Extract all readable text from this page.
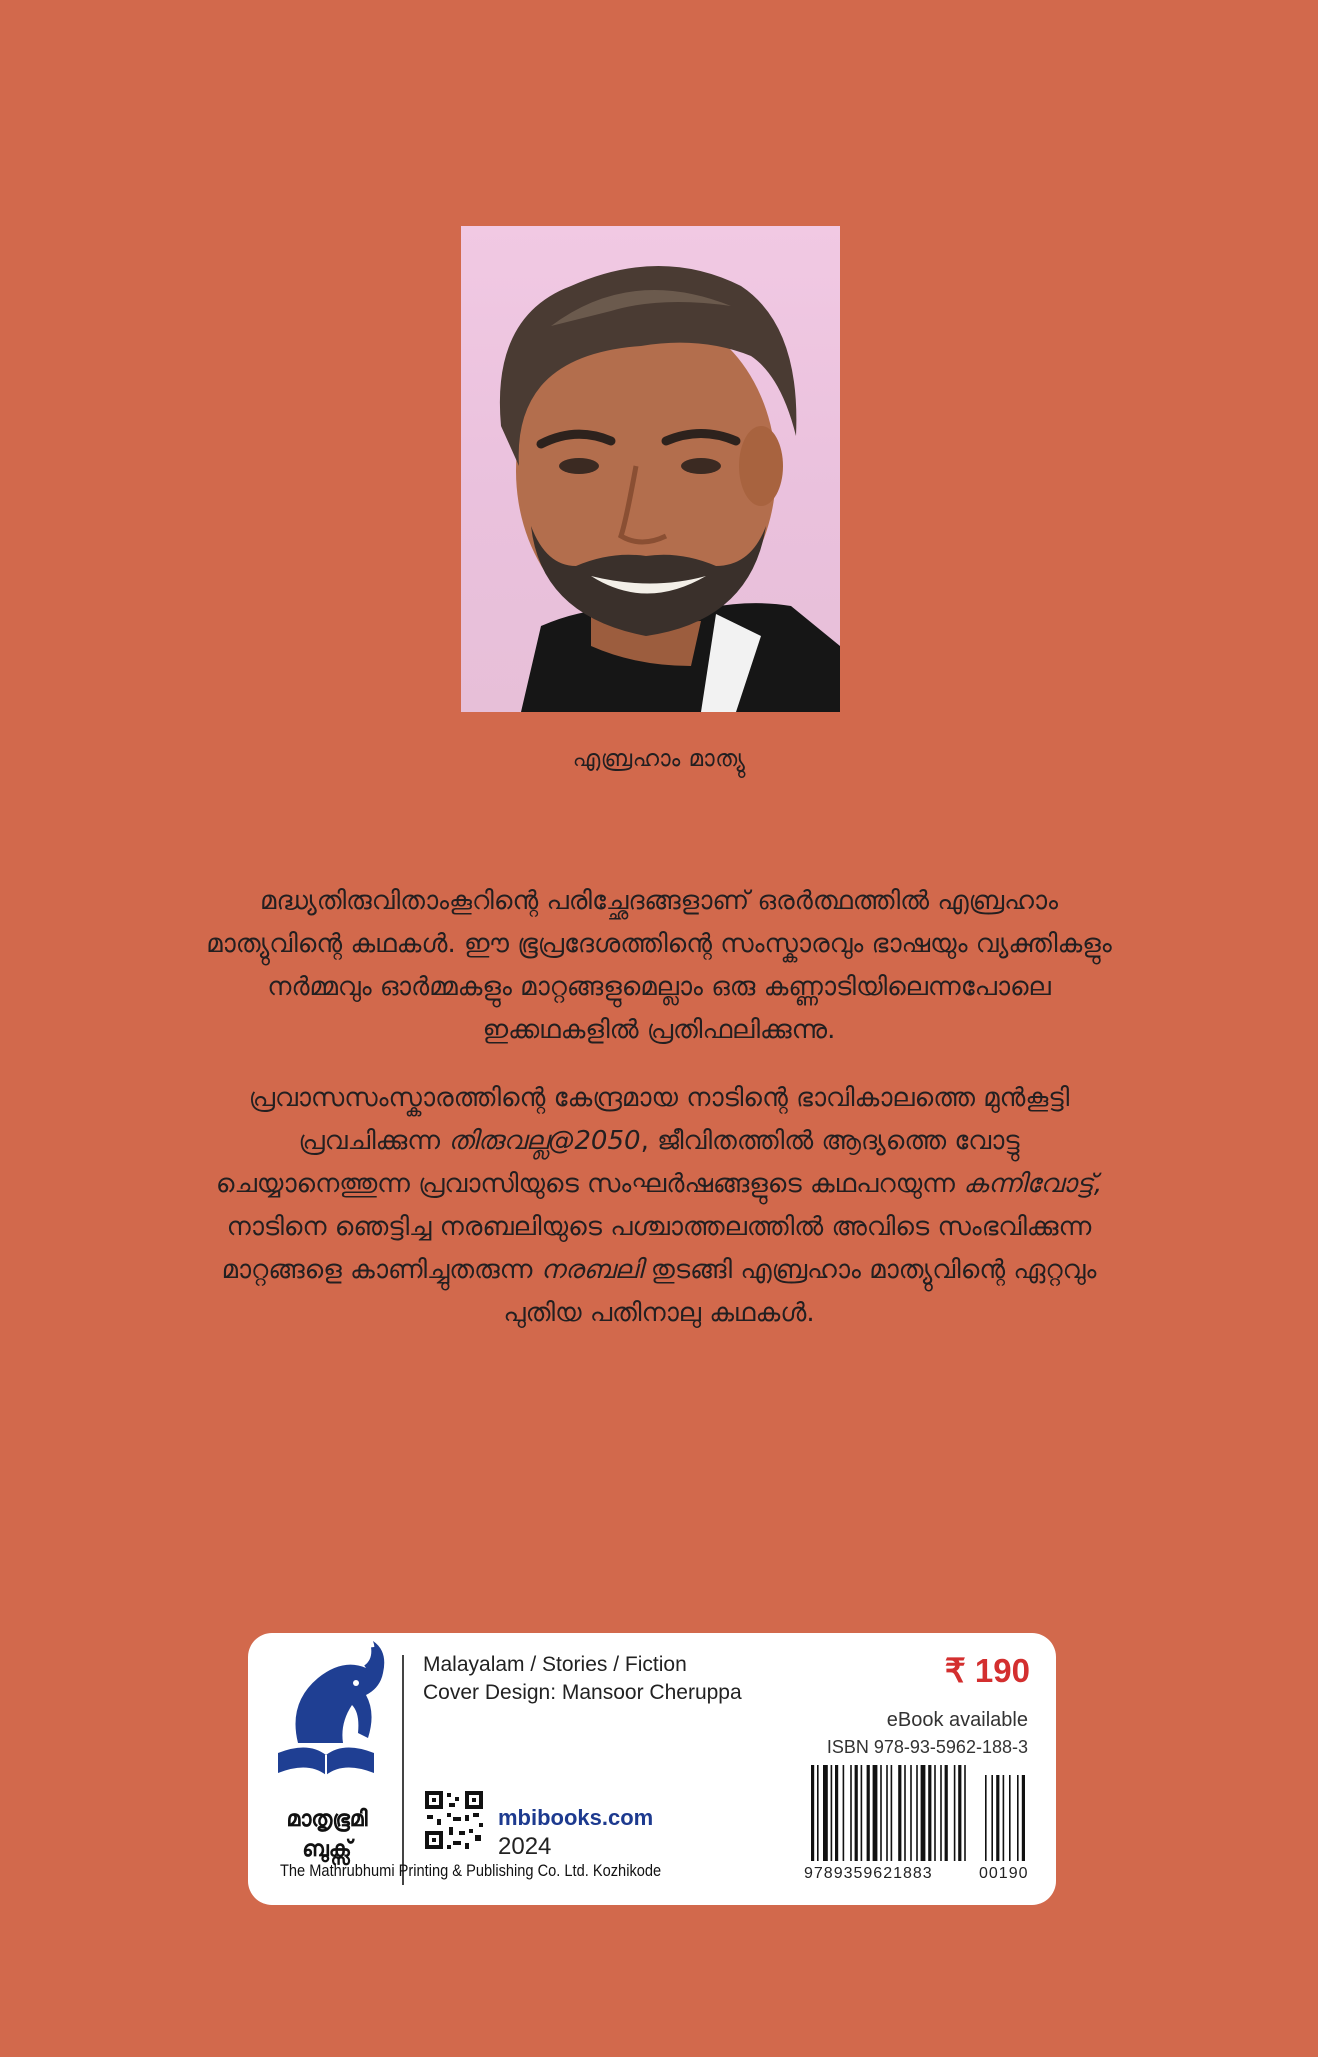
എബ്രഹാം മാത്യു

മദ്ധ്യതിരുവിതാംകൂറിന്റെ പരിച്ഛേദങ്ങളാണ് ഒരർത്ഥത്തിൽ എബ്രഹാം മാത്യുവിന്റെ കഥകൾ. ഈ ഭൂപ്രദേശത്തിന്റെ സംസ്കാരവും ഭാഷയും വ്യക്തികളും നർമ്മവും ഓർമ്മകളും മാറ്റങ്ങളുമെല്ലാം ഒരു കണ്ണാടിയിലെന്നപോലെ ഇക്കഥകളിൽ പ്രതിഫലിക്കുന്നു.

പ്രവാസസംസ്കാരത്തിന്റെ കേന്ദ്രമായ നാടിന്റെ ഭാവികാലത്തെ മുൻകൂട്ടി പ്രവചിക്കുന്ന തിരുവല്ല@2050, ജീവിതത്തിൽ ആദ്യത്തെ വോട്ടു ചെയ്യാനെത്തുന്ന പ്രവാസിയുടെ സംഘർഷങ്ങളുടെ കഥപറയുന്ന കന്നിവോട്ട്, നാടിനെ ഞെട്ടിച്ച നരബലിയുടെ പശ്ചാത്തലത്തിൽ അവിടെ സംഭവിക്കുന്ന മാറ്റങ്ങളെ കാണിച്ചുതരുന്ന നരബലി തുടങ്ങി എബ്രഹാം മാത്യുവിന്റെ ഏറ്റവും പുതിയ പതിനാലു കഥകൾ.

മാതൃഭൂമി
ബുക്സ്
The Mathrubhumi Printing & Publishing Co. Ltd. Kozhikode
Malayalam / Stories / Fiction
Cover Design: Mansoor Cheruppa
₹ 190
eBook available
ISBN 978-93-5962-188-3
mbibooks.com
2024
9789359621883	00190
